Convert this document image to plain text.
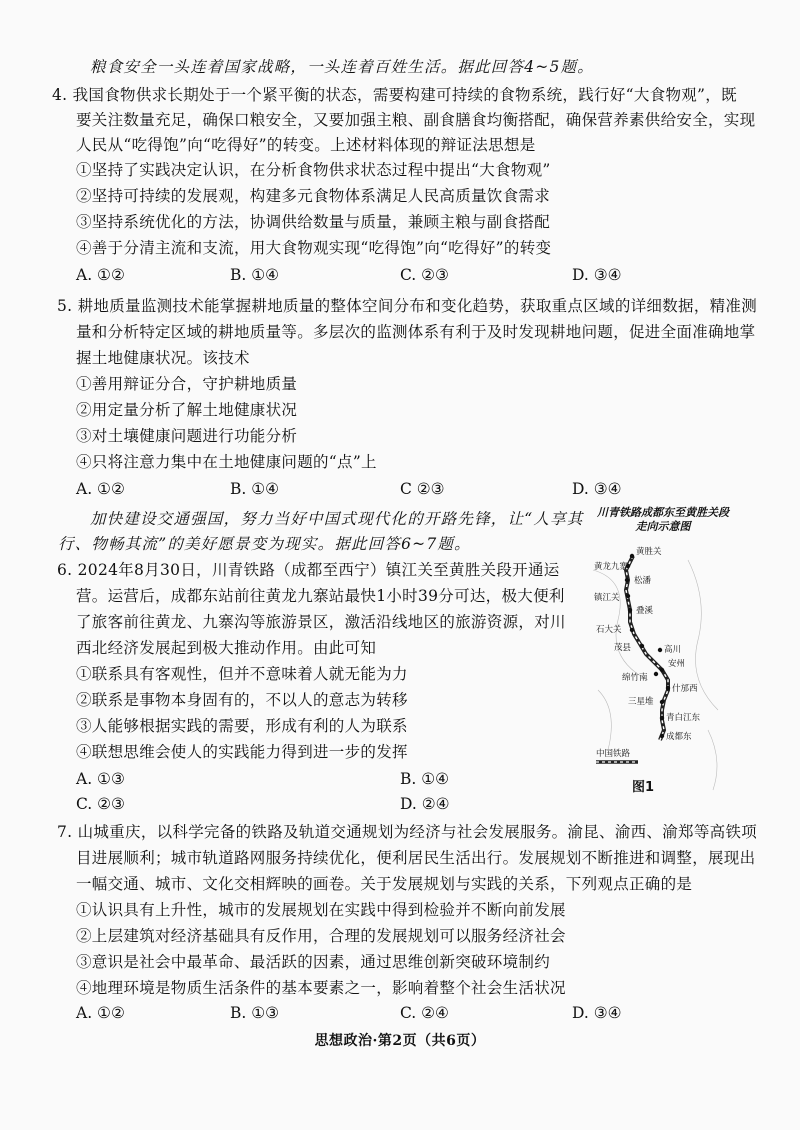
粮食安全一头连着国家战略，一头连着百姓生活。据此回答4~5题。
4. 我国食物供求长期处于一个紧平衡的状态，需要构建可持续的食物系统，践行好“大食物观”，既
要关注数量充足，确保口粮安全，又要加强主粮、副食膳食均衡搭配，确保营养素供给安全，实现
人民从“吃得饱”向“吃得好”的转变。上述材料体现的辩证法思想是
①坚持了实践决定认识，在分析食物供求状态过程中提出“大食物观”
②坚持可持续的发展观，构建多元食物体系满足人民高质量饮食需求
③坚持系统优化的方法，协调供给数量与质量，兼顾主粮与副食搭配
④善于分清主流和支流，用大食物观实现“吃得饱”向“吃得好”的转变
A. ①②	B. ①④	C. ②③	D. ③④
5. 耕地质量监测技术能掌握耕地质量的整体空间分布和变化趋势，获取重点区域的详细数据，精准测
量和分析特定区域的耕地质量等。多层次的监测体系有利于及时发现耕地问题，促进全面准确地掌
握土地健康状况。该技术
①善用辩证分合，守护耕地质量
②用定量分析了解土地健康状况
③对土壤健康问题进行功能分析
④只将注意力集中在土地健康问题的“点”上
A. ①②	B. ①④	C ②③	D. ③④
加快建设交通强国，努力当好中国式现代化的开路先锋，让“人享其
行、物畅其流”的美好愿景变为现实。据此回答6~7题。
6. 2024年8月30日，川青铁路（成都至西宁）镇江关至黄胜关段开通运
营。运营后，成都东站前往黄龙九寨站最快1小时39分可达，极大便利
了旅客前往黄龙、九寨沟等旅游景区，激活沿线地区的旅游资源，对川
西北经济发展起到极大推动作用。由此可知
①联系具有客观性，但并不意味着人就无能为力
②联系是事物本身固有的，不以人的意志为转移
③人能够根据实践的需要，形成有利的人为联系
④联想思维会使人的实践能力得到进一步的发挥
A. ①③	B. ①④
C. ②③	D. ②④
川青铁路成都东至黄胜关段
走向示意图
黄胜关
黄龙九寨
松潘
镇江关
叠溪
石大关
茂县	高川
安州
绵竹南
什邡西
三星堆
青白江东
成都东
中国铁路
图1
7. 山城重庆，以科学完备的铁路及轨道交通规划为经济与社会发展服务。渝昆、渝西、渝郑等高铁项
目进展顺利；城市轨道路网服务持续优化，便利居民生活出行。发展规划不断推进和调整，展现出
一幅交通、城市、文化交相辉映的画卷。关于发展规划与实践的关系，下列观点正确的是
①认识具有上升性，城市的发展规划在实践中得到检验并不断向前发展
②上层建筑对经济基础具有反作用，合理的发展规划可以服务经济社会
③意识是社会中最革命、最活跃的因素，通过思维创新突破环境制约
④地理环境是物质生活条件的基本要素之一，影响着整个社会生活状况
A. ①②	B. ①③	C. ②④	D. ③④
思想政治·第2页（共6页）
